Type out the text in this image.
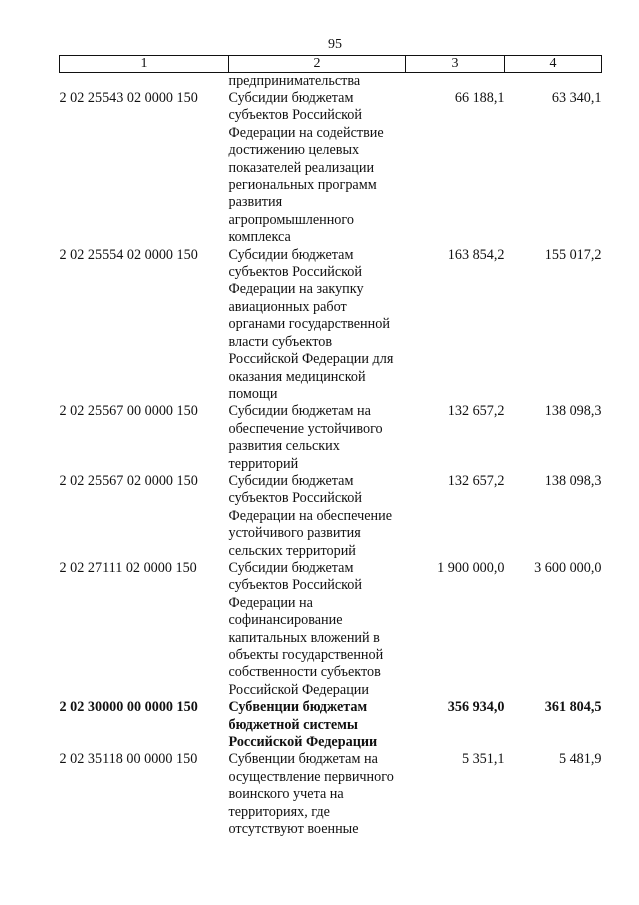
95
1	2	3	4
	предпринимательства		
2 02 25543 02 0000 150	Субсидии бюджетам субъектов Российской Федерации на содействие достижению целевых показателей реализации региональных программ развития агропромышленного комплекса	66 188,1	63 340,1
2 02 25554 02 0000 150	Субсидии бюджетам субъектов Российской Федерации на закупку авиационных работ органами государственной власти субъектов Российской Федерации для оказания медицинской помощи	163 854,2	155 017,2
2 02 25567 00 0000 150	Субсидии бюджетам на обеспечение устойчивого развития сельских территорий	132 657,2	138 098,3
2 02 25567 02 0000 150	Субсидии бюджетам субъектов Российской Федерации на обеспечение устойчивого развития сельских территорий	132 657,2	138 098,3
2 02 27111 02 0000 150	Субсидии бюджетам субъектов Российской Федерации на софинансирование капитальных вложений в объекты государственной собственности субъектов Российской Федерации	1 900 000,0	3 600 000,0
2 02 30000 00 0000 150	Субвенции бюджетам бюджетной системы Российской Федерации	356 934,0	361 804,5
2 02 35118 00 0000 150	Субвенции бюджетам на осуществление первичного воинского учета на территориях, где отсутствуют военные	5 351,1	5 481,9
